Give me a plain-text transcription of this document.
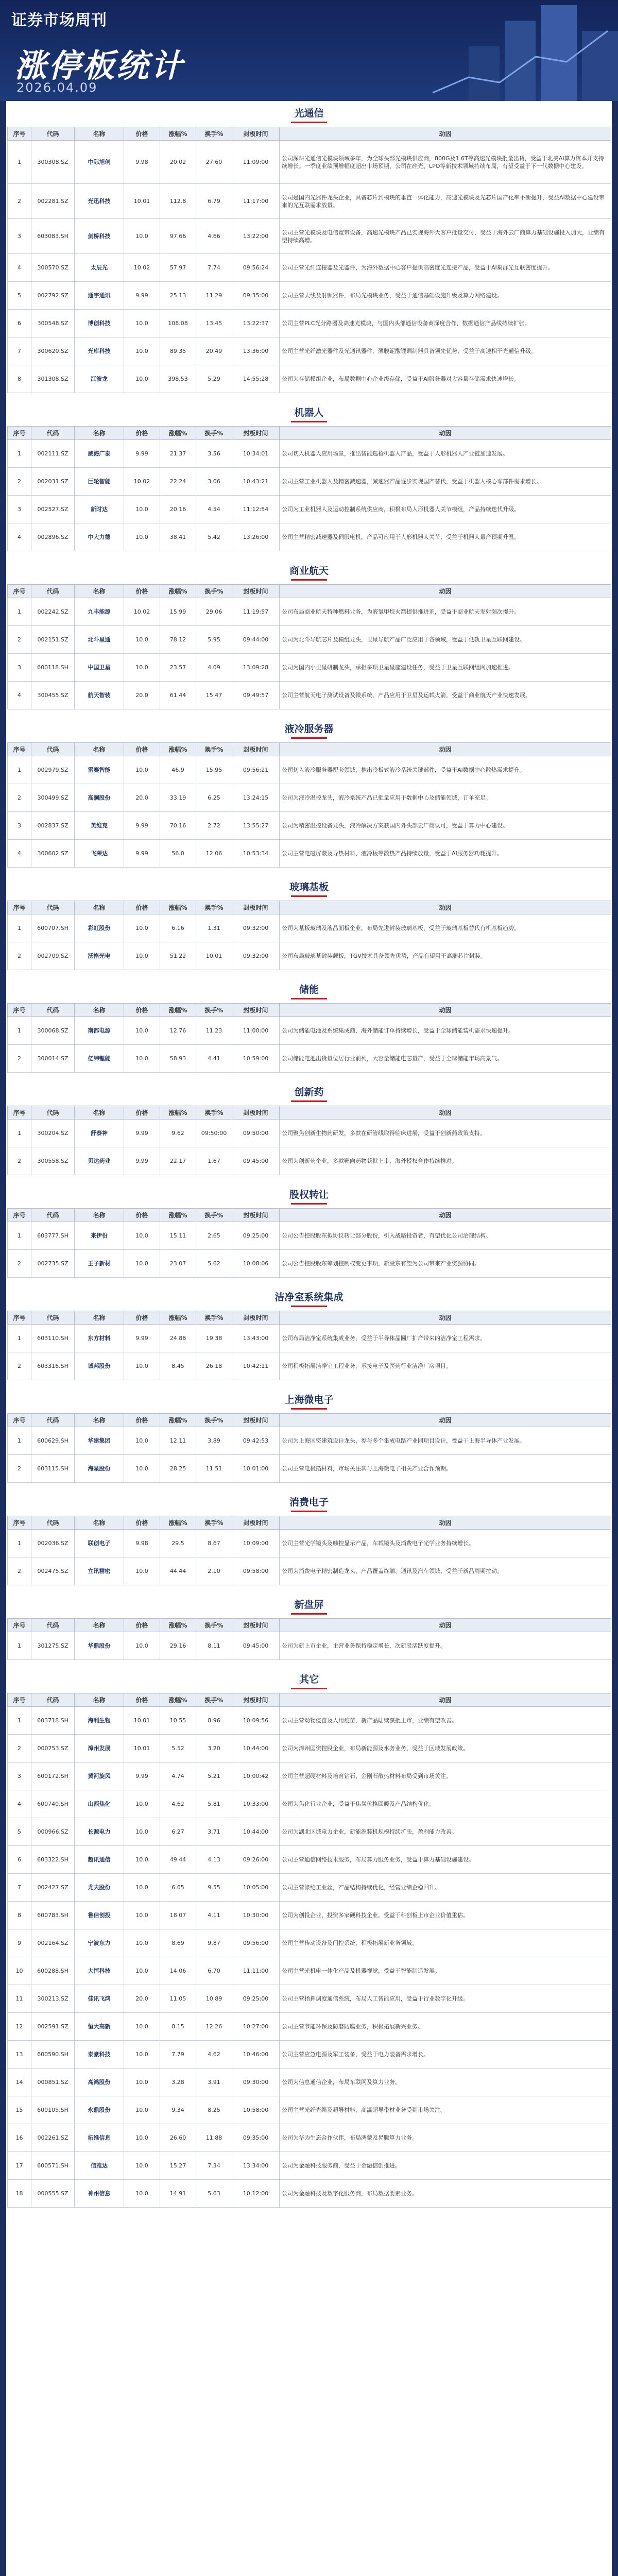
证券市场周刊
涨停板统计
2026.04.09
光通信
序号	代码	名称	价格	涨幅%	换手%	封板时间	动因
1	300308.SZ	中际旭创	9.98	20.02	27.60	11:09:00	公司深耕光通信光模块领域多年，为全球头部光模块供应商，800G及1.6T等高速光模块批量出货，受益于北美AI算力资本开支持续增长。一季度业绩预增幅度超出市场预期，公司在硅光、LPO等新技术领域持续布局，有望受益于下一代数据中心建设。
2	002281.SZ	光迅科技	10.01	112.8	6.79	11:17:00	公司是国内光器件龙头企业，具备芯片到模块的垂直一体化能力，高速光模块及光芯片国产化率不断提升，受益AI数据中心建设带来的光互联需求放量。
3	603083.SH	剑桥科技	10.0	97.66	4.66	13:22:00	公司主营光模块及电信宽带设备，高速光模块产品已实现海外大客户批量交付，受益于海外云厂商算力基础设施投入加大，业绩有望持续高增。
4	300570.SZ	太辰光	10.02	57.97	7.74	09:56:24	公司主营光纤连接器及光器件，为海外数据中心客户提供高密度光连接产品，受益于AI集群光互联密度提升。
5	002792.SZ	通宇通讯	9.99	25.13	11.29	09:35:00	公司主营天线及射频器件，布局光模块业务，受益于通信基础设施升级及算力网络建设。
6	300548.SZ	博创科技	10.0	108.08	13.45	13:22:37	公司主营PLC光分路器及高速光模块，与国内头部通信设备商深度合作，数据通信产品线持续扩张。
7	300620.SZ	光库科技	10.0	89.35	20.49	13:36:00	公司主营光纤激光器件及光通讯器件，薄膜铌酸锂调制器具备领先优势，受益于高速相干光通信升级。
8	301308.SZ	江波龙	10.0	398.53	5.29	14:55:28	公司为存储模组企业，布局数据中心企业级存储，受益于AI服务器对大容量存储需求快速增长。
机器人
序号	代码	名称	价格	涨幅%	换手%	封板时间	动因
1	002111.SZ	威海广泰	9.99	21.37	3.56	10:34:01	公司切入机器人应用场景，推出智能巡检机器人产品，受益于人形机器人产业链加速发展。
2	002031.SZ	巨轮智能	10.02	22.24	3.06	10:43:21	公司主营工业机器人及精密减速器，减速器产品逐步实现国产替代，受益于机器人核心零部件需求增长。
3	002527.SZ	新时达	10.0	20.16	4.54	11:12:54	公司为工业机器人及运动控制系统供应商，积极布局人形机器人关节模组，产品持续迭代升级。
4	002896.SZ	中大力德	10.0	38.41	5.42	13:26:00	公司主营精密减速器及伺服电机，产品可应用于人形机器人关节，受益于机器人量产预期升温。
商业航天
序号	代码	名称	价格	涨幅%	换手%	封板时间	动因
1	002242.SZ	九丰能源	10.02	15.99	29.06	11:19:57	公司布局商业航天特种燃料业务，为液氧甲烷火箭提供推进剂，受益于商业航天发射频次提升。
2	002151.SZ	北斗星通	10.0	78.12	5.95	09:44:00	公司为北斗导航芯片及模组龙头，卫星导航产品广泛应用于各领域，受益于低轨卫星互联网建设。
3	600118.SH	中国卫星	10.0	23.57	4.09	13:09:28	公司为国内小卫星研制龙头，承担多项卫星星座建设任务，受益于卫星互联网组网加速推进。
4	300455.SZ	航天智装	20.0	61.44	15.47	09:49:57	公司主营航天电子测试设备及微系统，产品应用于卫星及运载火箭，受益于商业航天产业快速发展。
液冷服务器
序号	代码	名称	价格	涨幅%	换手%	封板时间	动因
1	002979.SZ	雷赛智能	10.0	46.9	15.95	09:56:21	公司切入液冷服务器配套领域，推出冷板式液冷系统关键部件，受益于AI数据中心散热需求提升。
2	300499.SZ	高澜股份	20.0	33.19	6.25	13:24:15	公司为液冷温控龙头，液冷系统产品已批量应用于数据中心及储能领域，订单充足。
3	002837.SZ	英维克	9.99	70.16	2.72	13:55:27	公司为精密温控设备龙头，液冷解决方案获国内外头部云厂商认可，受益于算力中心建设。
4	300602.SZ	飞荣达	9.99	56.0	12.06	10:53:34	公司主营电磁屏蔽及导热材料，液冷板等散热产品持续放量，受益于AI服务器功耗提升。
玻璃基板
序号	代码	名称	价格	涨幅%	换手%	封板时间	动因
1	600707.SH	彩虹股份	10.0	6.16	1.31	09:32:00	公司为基板玻璃及液晶面板企业，布局先进封装玻璃基板，受益于玻璃基板替代有机基板趋势。
2	002709.SZ	沃格光电	10.0	51.22	10.01	09:32:00	公司布局玻璃基封装载板，TGV技术具备领先优势，产品有望用于高端芯片封装。
储能
序号	代码	名称	价格	涨幅%	换手%	封板时间	动因
1	300068.SZ	南都电源	10.0	12.76	11.23	11:00:00	公司为储能电池及系统集成商，海外储能订单持续增长，受益于全球储能装机需求快速提升。
2	300014.SZ	亿纬锂能	10.0	58.93	4.41	10:59:00	公司储能电池出货量位居行业前列，大容量储能电芯量产，受益于全球储能市场高景气。
创新药
序号	代码	名称	价格	涨幅%	换手%	封板时间	动因
1	300204.SZ	舒泰神	9.99	9.62	09:50:00	09:50:00	公司聚焦创新生物药研发，多款在研管线取得临床进展，受益于创新药政策支持。
2	300558.SZ	贝达药业	9.99	22.17	1.67	09:45:00	公司为创新药企业，多款靶向药物获批上市，海外授权合作持续推进。
股权转让
序号	代码	名称	价格	涨幅%	换手%	封板时间	动因
1	603777.SH	来伊份	10.0	15.11	2.65	09:25:00	公司公告控股股东拟协议转让部分股份，引入战略投资者，有望优化公司治理结构。
2	002735.SZ	王子新材	10.0	23.07	5.62	10:08:06	公司公告控股股东筹划控制权变更事项，新股东有望为公司带来产业资源协同。
洁净室系统集成
序号	代码	名称	价格	涨幅%	换手%	封板时间	动因
1	603110.SH	东方材料	9.99	24.88	19.38	13:43:00	公司布局洁净室系统集成业务，受益于半导体晶圆厂扩产带来的洁净室工程需求。
2	603316.SH	诚邦股份	10.0	8.45	26.18	10:42:11	公司积极拓展洁净室工程业务，承接电子及医药行业洁净厂房项目。
上海微电子
序号	代码	名称	价格	涨幅%	换手%	封板时间	动因
1	600629.SH	华建集团	10.0	12.11	3.89	09:42:53	公司为上海国资建筑设计龙头，参与多个集成电路产业园项目设计，受益于上海半导体产业发展。
2	603115.SH	海星股份	10.0	28.25	11.51	10:01:00	公司主营电极箔材料，市场关注其与上海微电子相关产业合作预期。
消费电子
序号	代码	名称	价格	涨幅%	换手%	封板时间	动因
1	002036.SZ	联创电子	9.98	29.5	8.67	10:09:00	公司主营光学镜头及触控显示产品，车载镜头及消费电子光学业务持续增长。
2	002475.SZ	立讯精密	10.0	44.44	2.10	09:58:00	公司为消费电子精密制造龙头，产品覆盖终端、通讯及汽车领域，受益于新品周期拉动。
新盘屏
序号	代码	名称	价格	涨幅%	换手%	封板时间	动因
1	301275.SZ	华鼎股份	10.0	29.16	8.11	09:45:00	公司为新上市企业，主营业务保持稳定增长，次新股活跃度提升。
其它
序号	代码	名称	价格	涨幅%	换手%	封板时间	动因
1	603718.SH	海利生物	10.01	10.55	8.96	10:09:56	公司主营动物疫苗及人用疫苗，新产品陆续获批上市，业绩有望改善。
2	000753.SZ	漳州发展	10.01	5.52	3.20	10:44:00	公司为漳州国资控股企业，布局新能源及水务业务，受益于区域发展政策。
3	600172.SH	黄河旋风	9.99	4.74	5.21	10:00:42	公司主营超硬材料及培育钻石，金刚石散热材料布局受到市场关注。
4	600740.SH	山西焦化	10.0	4.62	5.81	10:33:00	公司为焦化行业企业，受益于焦炭价格回暖及产品结构优化。
5	000966.SZ	长源电力	10.0	6.27	3.71	10:44:00	公司为湖北区域电力企业，新能源装机规模持续扩张，盈利能力改善。
6	603322.SH	超讯通信	10.0	49.44	4.13	09:26:00	公司主营通信网络技术服务，布局算力服务业务，受益于算力基础设施建设。
7	002427.SZ	尤夫股份	10.0	6.65	9.55	10:05:00	公司主营涤纶工业丝，产品结构持续优化，经营业绩企稳回升。
8	600783.SH	鲁信创投	10.0	18.07	4.11	10:30:00	公司为创投企业，投资多家硬科技企业，受益于科创板上市企业价值重估。
9	002164.SZ	宁波东力	10.0	8.69	9.87	09:56:00	公司主营传动设备及门控系统，积极拓展新业务领域。
10	600288.SH	大恒科技	10.0	14.06	6.70	11:11:00	公司主营光机电一体化产品及机器视觉，受益于智能制造发展。
11	300213.SZ	佳讯飞鸿	20.0	11.05	10.89	09:25:00	公司主营指挥调度通信系统，布局人工智能应用，受益于行业数字化升级。
12	002591.SZ	恒大高新	10.0	8.15	12.26	10:27:00	公司主营节能环保及防磨防腐业务，积极拓展新兴业务。
13	600590.SH	泰豪科技	10.0	7.79	4.62	10:46:00	公司主营应急电源及军工装备，受益于电力装备需求增长。
14	000851.SZ	高鸿股份	10.0	3.28	3.91	09:30:00	公司为信息通信企业，布局车联网及算力业务。
15	600105.SH	永鼎股份	10.0	9.34	8.25	10:58:00	公司主营光纤光缆及超导材料，高温超导带材业务受到市场关注。
16	002261.SZ	拓维信息	10.0	26.60	11.88	09:35:00	公司为华为生态合作伙伴，布局鸿蒙及昇腾算力业务。
17	600571.SH	信雅达	10.0	15.27	7.34	13:34:00	公司为金融科技服务商，受益于金融信创推进。
18	000555.SZ	神州信息	10.0	14.91	5.63	10:12:00	公司为金融科技及数字化服务商，布局数据要素业务。
